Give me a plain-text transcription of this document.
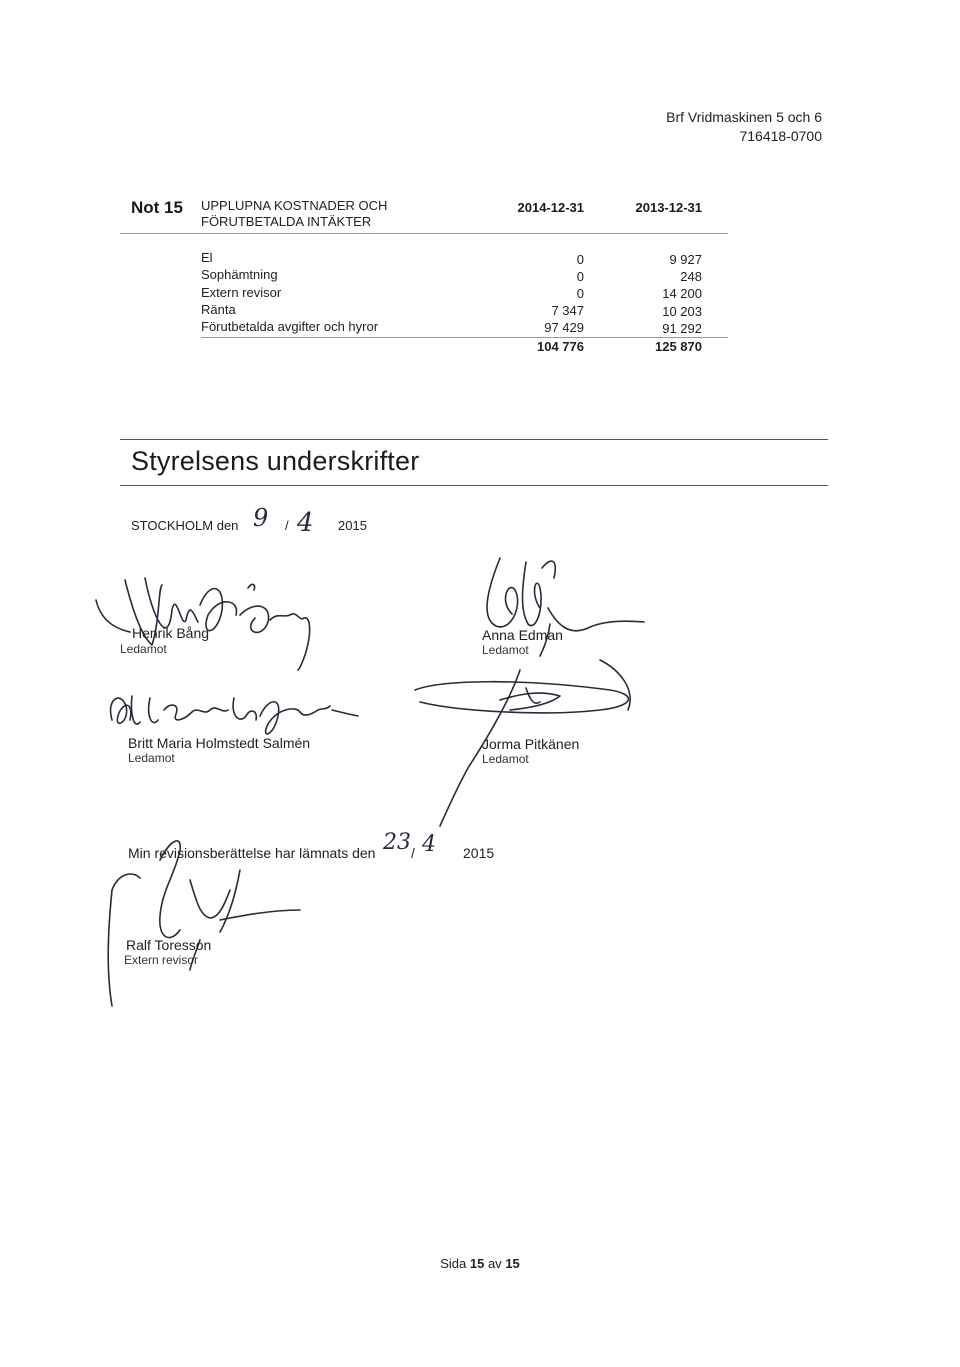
Brf Vridmaskinen 5 och 6
716418-0700
Not 15 UPPLUPNA KOSTNADER OCH
FÖRUTBETALDA INTÄKTER
2014-12-31	2013-12-31
El	0	9 927
Sophämtning	0	248
Extern revisor	0	14 200
Ränta	7 347	10 203
Förutbetalda avgifter och hyror	97 429	91 292
104 776	125 870
Styrelsens underskrifter
STOCKHOLM den 9 / 4 2015
Henrik Bång
Ledamot
Anna Edman
Ledamot
Britt Maria Holmstedt Salmén
Ledamot
Jorma Pitkänen
Ledamot
Min revisionsberättelse har lämnats den 23 / 4 2015
Ralf Toresson
Extern revisor
Sida 15 av 15
